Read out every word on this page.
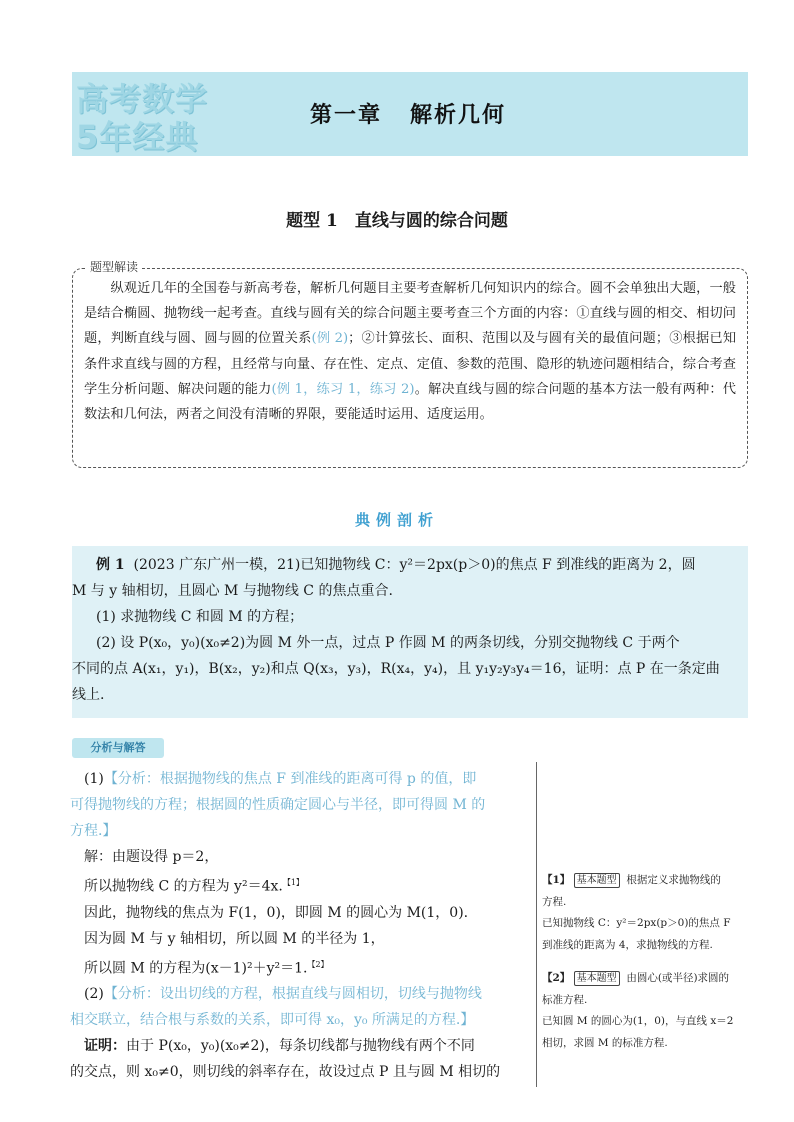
高考数学
5年经典
第一章 解析几何
题型 1　直线与圆的综合问题
题型解读
  纵观近几年的全国卷与新高考卷，解析几何题目主要考查解析几何知识内的综合。圆不会单独出大题，一般是结合椭圆、抛物线一起考查。直线与圆有关的综合问题主要考查三个方面的内容：①直线与圆的相交、相切问题，判断直线与圆、圆与圆的位置关系(例 2)；②计算弦长、面积、范围以及与圆有关的最值问题；③根据已知条件求直线与圆的方程，且经常与向量、存在性、定点、定值、参数的范围、隐形的轨迹问题相结合，综合考查学生分析问题、解决问题的能力(例 1，练习 1，练习 2)。解决直线与圆的综合问题的基本方法一般有两种：代数法和几何法，两者之间没有清晰的界限，要能适时运用、适度运用。
典例剖析

例 1 (2023 广东广州一模，21)已知抛物线 C：y²＝2px(p＞0)的焦点 F 到准线的距离为 2，圆

M 与 y 轴相切，且圆心 M 与抛物线 C 的焦点重合.

(1) 求抛物线 C 和圆 M 的方程；

(2) 设 P(x₀，y₀)(x₀≠2)为圆 M 外一点，过点 P 作圆 M 的两条切线，分别交抛物线 C 于两个

不同的点 A(x₁，y₁)，B(x₂，y₂)和点 Q(x₃，y₃)，R(x₄，y₄)，且 y₁y₂y₃y₄＝16，证明：点 P 在一条定曲

线上.

分析与解答

(1)【分析：根据抛物线的焦点 F 到准线的距离可得 p 的值，即

可得抛物线的方程；根据圆的性质确定圆心与半径，即可得圆 M 的

方程.】

解：由题设得 p＝2，

所以抛物线 C 的方程为 y²＝4x.$^{【1】}$

因此，抛物线的焦点为 F(1，0)，即圆 M 的圆心为 M(1，0).

因为圆 M 与 y 轴相切，所以圆 M 的半径为 1，

所以圆 M 的方程为(x－1)²＋y²＝1.$^{【2】}$

(2)【分析：设出切线的方程，根据直线与圆相切，切线与抛物线

相交联立，结合根与系数的关系，即可得 x₀，y₀ 所满足的方程.】

证明：由于 P(x₀，y₀)(x₀≠2)，每条切线都与抛物线有两个不同

的交点，则 x₀≠0，则切线的斜率存在，故设过点 P 且与圆 M 相切的

【1】 基本题型 根据定义求抛物线的

方程.

已知抛物线 C：y²＝2px(p＞0)的焦点 F

到准线的距离为 4，求抛物线的方程.

【2】 基本题型 由圆心(或半径)求圆的

标准方程.

已知圆 M 的圆心为(1，0)，与直线 x＝2

相切，求圆 M 的标准方程.
